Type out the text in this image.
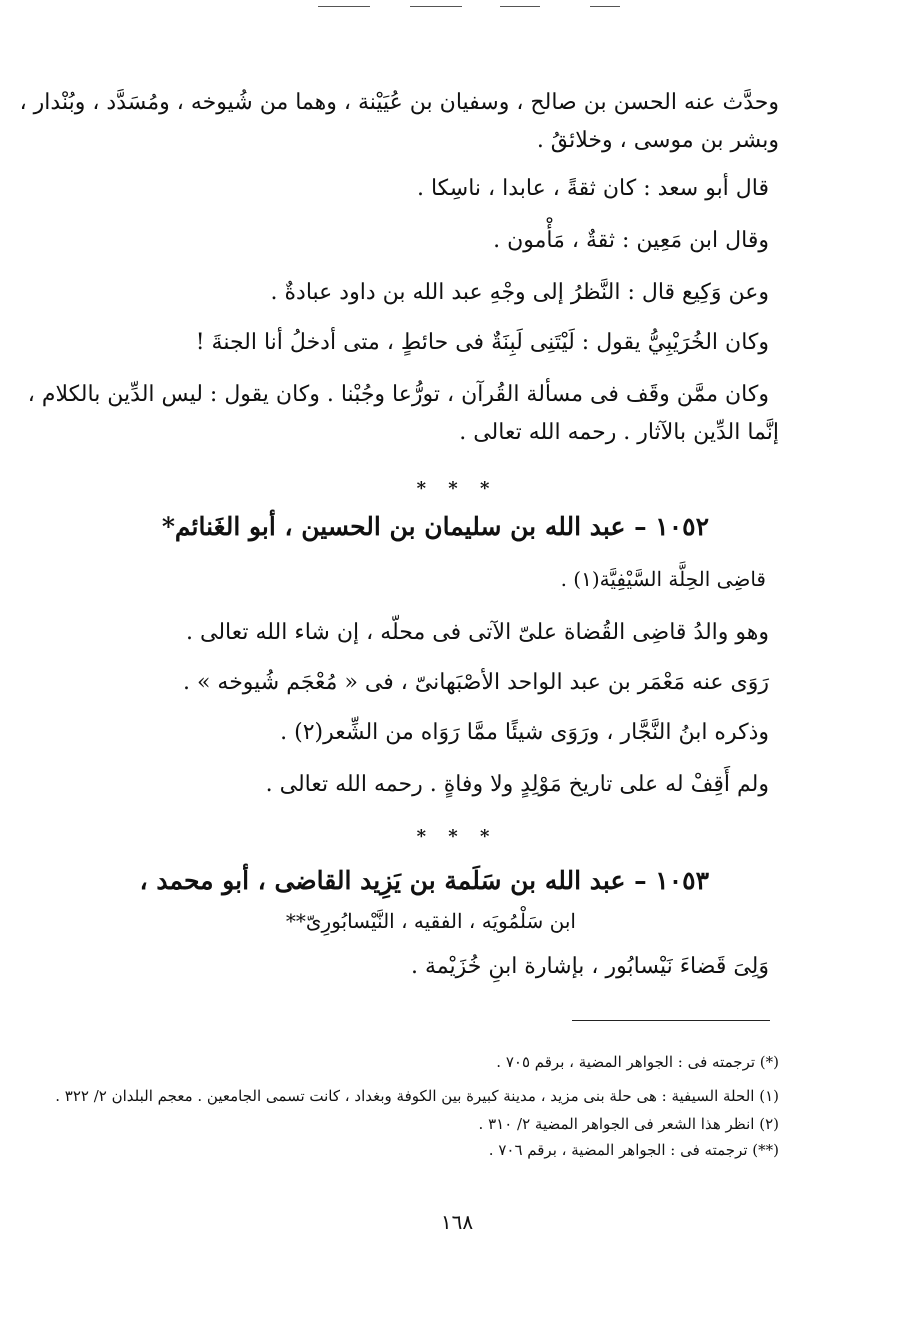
وحدَّث عنه الحسن بن صالح ، وسفيان بن عُيَيْنة ، وهما من شُيوخه ، ومُسَدَّد ، وبُنْدار ،
وبشر بن موسى ، وخلائقُ .
قال أبو سعد : كان ثقةً ، عابدا ، ناسِكا .
وقال ابن مَعِين : ثقةٌ ، مَأْمون .
وعن وَكِيع قال : النَّظرُ إلى وجْهِ عبد الله بن داود عبادةٌ .
وكان الخُرَيْبِيُّ يقول : لَيْتَنِى لَبِنَةٌ فى حائطٍ ، متى أدخلُ أنا الجنةَ !
وكان ممَّن وقَف فى مسألة القُرآن ، تورُّعا وجُبْنا . وكان يقول : ليس الدِّين بالكلام ،
إنَّما الدِّين بالآثار . رحمه الله تعالى .
* * *
١٠٥٢ – عبد الله بن سليمان بن الحسين ، أبو الغَنائم*
قاضِى الحِلَّة السَّيْفِيَّة(١) .
وهو والدُ قاضِى القُضاة علىّ الآتى فى محلّه ، إن شاء الله تعالى .
رَوَى عنه مَعْمَر بن عبد الواحد الأصْبَهانىّ ، فى « مُعْجَم شُيوخه » .
وذكره ابنُ النَّجَّار ، ورَوَى شيئًا ممَّا رَوَاه من الشِّعر(٢) .
ولم أَقِفْ له على تاريخ مَوْلِدٍ ولا وفاةٍ . رحمه الله تعالى .
* * *
١٠٥٣ – عبد الله بن سَلَمة بن يَزِيد القاضى ، أبو محمد ،
ابن سَلْمُويَه ، الفقيه ، النَّيْسابُورِىّ**
وَلِىَ قَضاءَ نَيْسابُور ، بإشارة ابنِ خُزَيْمة .
(*) ترجمته فى : الجواهر المضية ، برقم ٧٠٥ .
(١) الحلة السيفية : هى حلة بنى مزيد ، مدينة كبيرة بين الكوفة وبغداد ، كانت تسمى الجامعين . معجم البلدان ٢/ ٣٢٢ .
(٢) انظر هذا الشعر فى الجواهر المضية ٢/ ٣١٠ .
(**) ترجمته فى : الجواهر المضية ، برقم ٧٠٦ .
١٦٨
